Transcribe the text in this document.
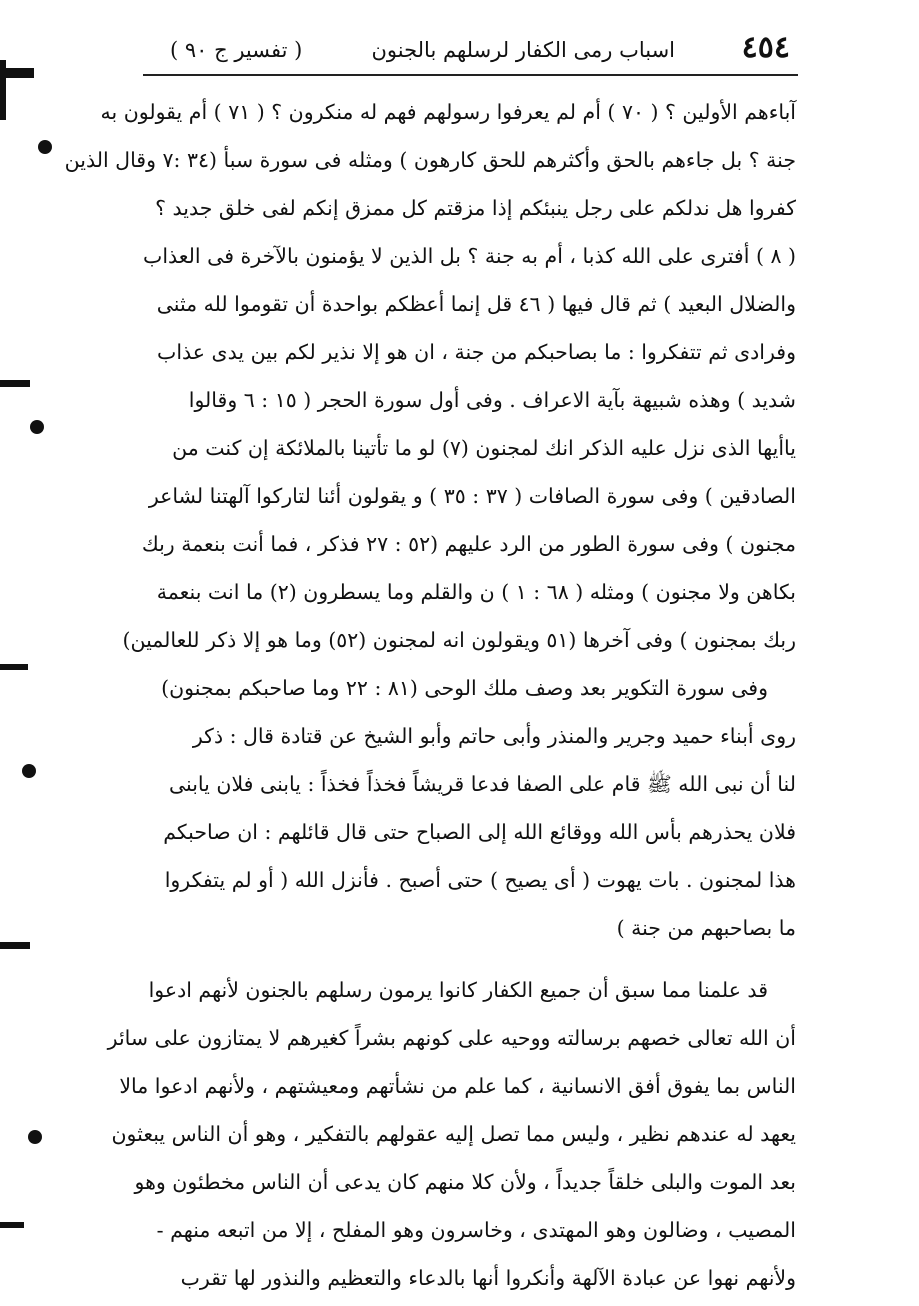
٤٥٤
اسباب رمى الكفار لرسلهم بالجنون
( تفسير ج ٩٠ )
آباءهم الأولين ؟ ( ٧٠ ) أم لم يعرفوا رسولهم فهم له منكرون ؟ ( ٧١ ) أم يقولون به
جنة ؟ بل جاءهم بالحق وأكثرهم للحق كارهون ) ومثله فى سورة سبأ (٣٤ :٧ وقال الذين
كفروا هل ندلكم على رجل ينبئكم إذا مزقتم كل ممزق إنكم لفى خلق جديد ؟
( ٨ ) أفترى على الله كذبا ، أم به جنة ؟ بل الذين لا يؤمنون بالآخرة فى العذاب
والضلال البعيد ) ثم قال فيها ( ٤٦ قل إنما أعظكم بواحدة أن تقوموا لله مثنى
وفرادى ثم تتفكروا : ما بصاحبكم من جنة ، ان هو إلا نذير لكم بين يدى عذاب
شديد ) وهذه شبيهة بآية الاعراف . وفى أول سورة الحجر ( ١٥ : ٦ وقالوا
ياأيها الذى نزل عليه الذكر انك لمجنون (٧) لو ما تأتينا بالملائكة إن كنت من
الصادقين ) وفى سورة الصافات ( ٣٧ : ٣٥ ) و يقولون أئنا لتاركوا آلهتنا لشاعر
مجنون ) وفى سورة الطور من الرد عليهم (٥٢ : ٢٧ فذكر ، فما أنت بنعمة ربك
بكاهن ولا مجنون ) ومثله ( ٦٨ : ١ ) ن والقلم وما يسطرون (٢) ما انت بنعمة
ربك بمجنون ) وفى آخرها (٥١ ويقولون انه لمجنون (٥٢) وما هو إلا ذكر للعالمين)
وفى سورة التكوير بعد وصف ملك الوحى (٨١ : ٢٢ وما صاحبكم بمجنون)
روى أبناء حميد وجرير والمنذر وأبى حاتم وأبو الشيخ عن قتادة قال : ذكر
لنا أن نبى الله ﷺ قام على الصفا فدعا قريشاً فخذاً فخذاً : يابنى فلان يابنى
فلان يحذرهم بأس الله ووقائع الله إلى الصباح حتى قال قائلهم : ان صاحبكم
هذا لمجنون . بات يهوت ( أى يصيح ) حتى أصبح . فأنزل الله ( أو لم يتفكروا
ما بصاحبهم من جنة )
قد علمنا مما سبق أن جميع الكفار كانوا يرمون رسلهم بالجنون لأنهم ادعوا
أن الله تعالى خصهم برسالته ووحيه على كونهم بشراً كغيرهم لا يمتازون على سائر
الناس بما يفوق أفق الانسانية ، كما علم من نشأتهم ومعيشتهم ، ولأنهم ادعوا مالا
يعهد له عندهم نظير ، وليس مما تصل إليه عقولهم بالتفكير ، وهو أن الناس يبعثون
بعد الموت والبلى خلقاً جديداً ، ولأن كلا منهم كان يدعى أن الناس مخطئون وهو
المصيب ، وضالون وهو المهتدى ، وخاسرون وهو المفلح ، إلا من اتبعه منهم -
ولأنهم نهوا عن عبادة الآلهة وأنكروا أنها بالدعاء والتعظيم والنذور لها تقرب
